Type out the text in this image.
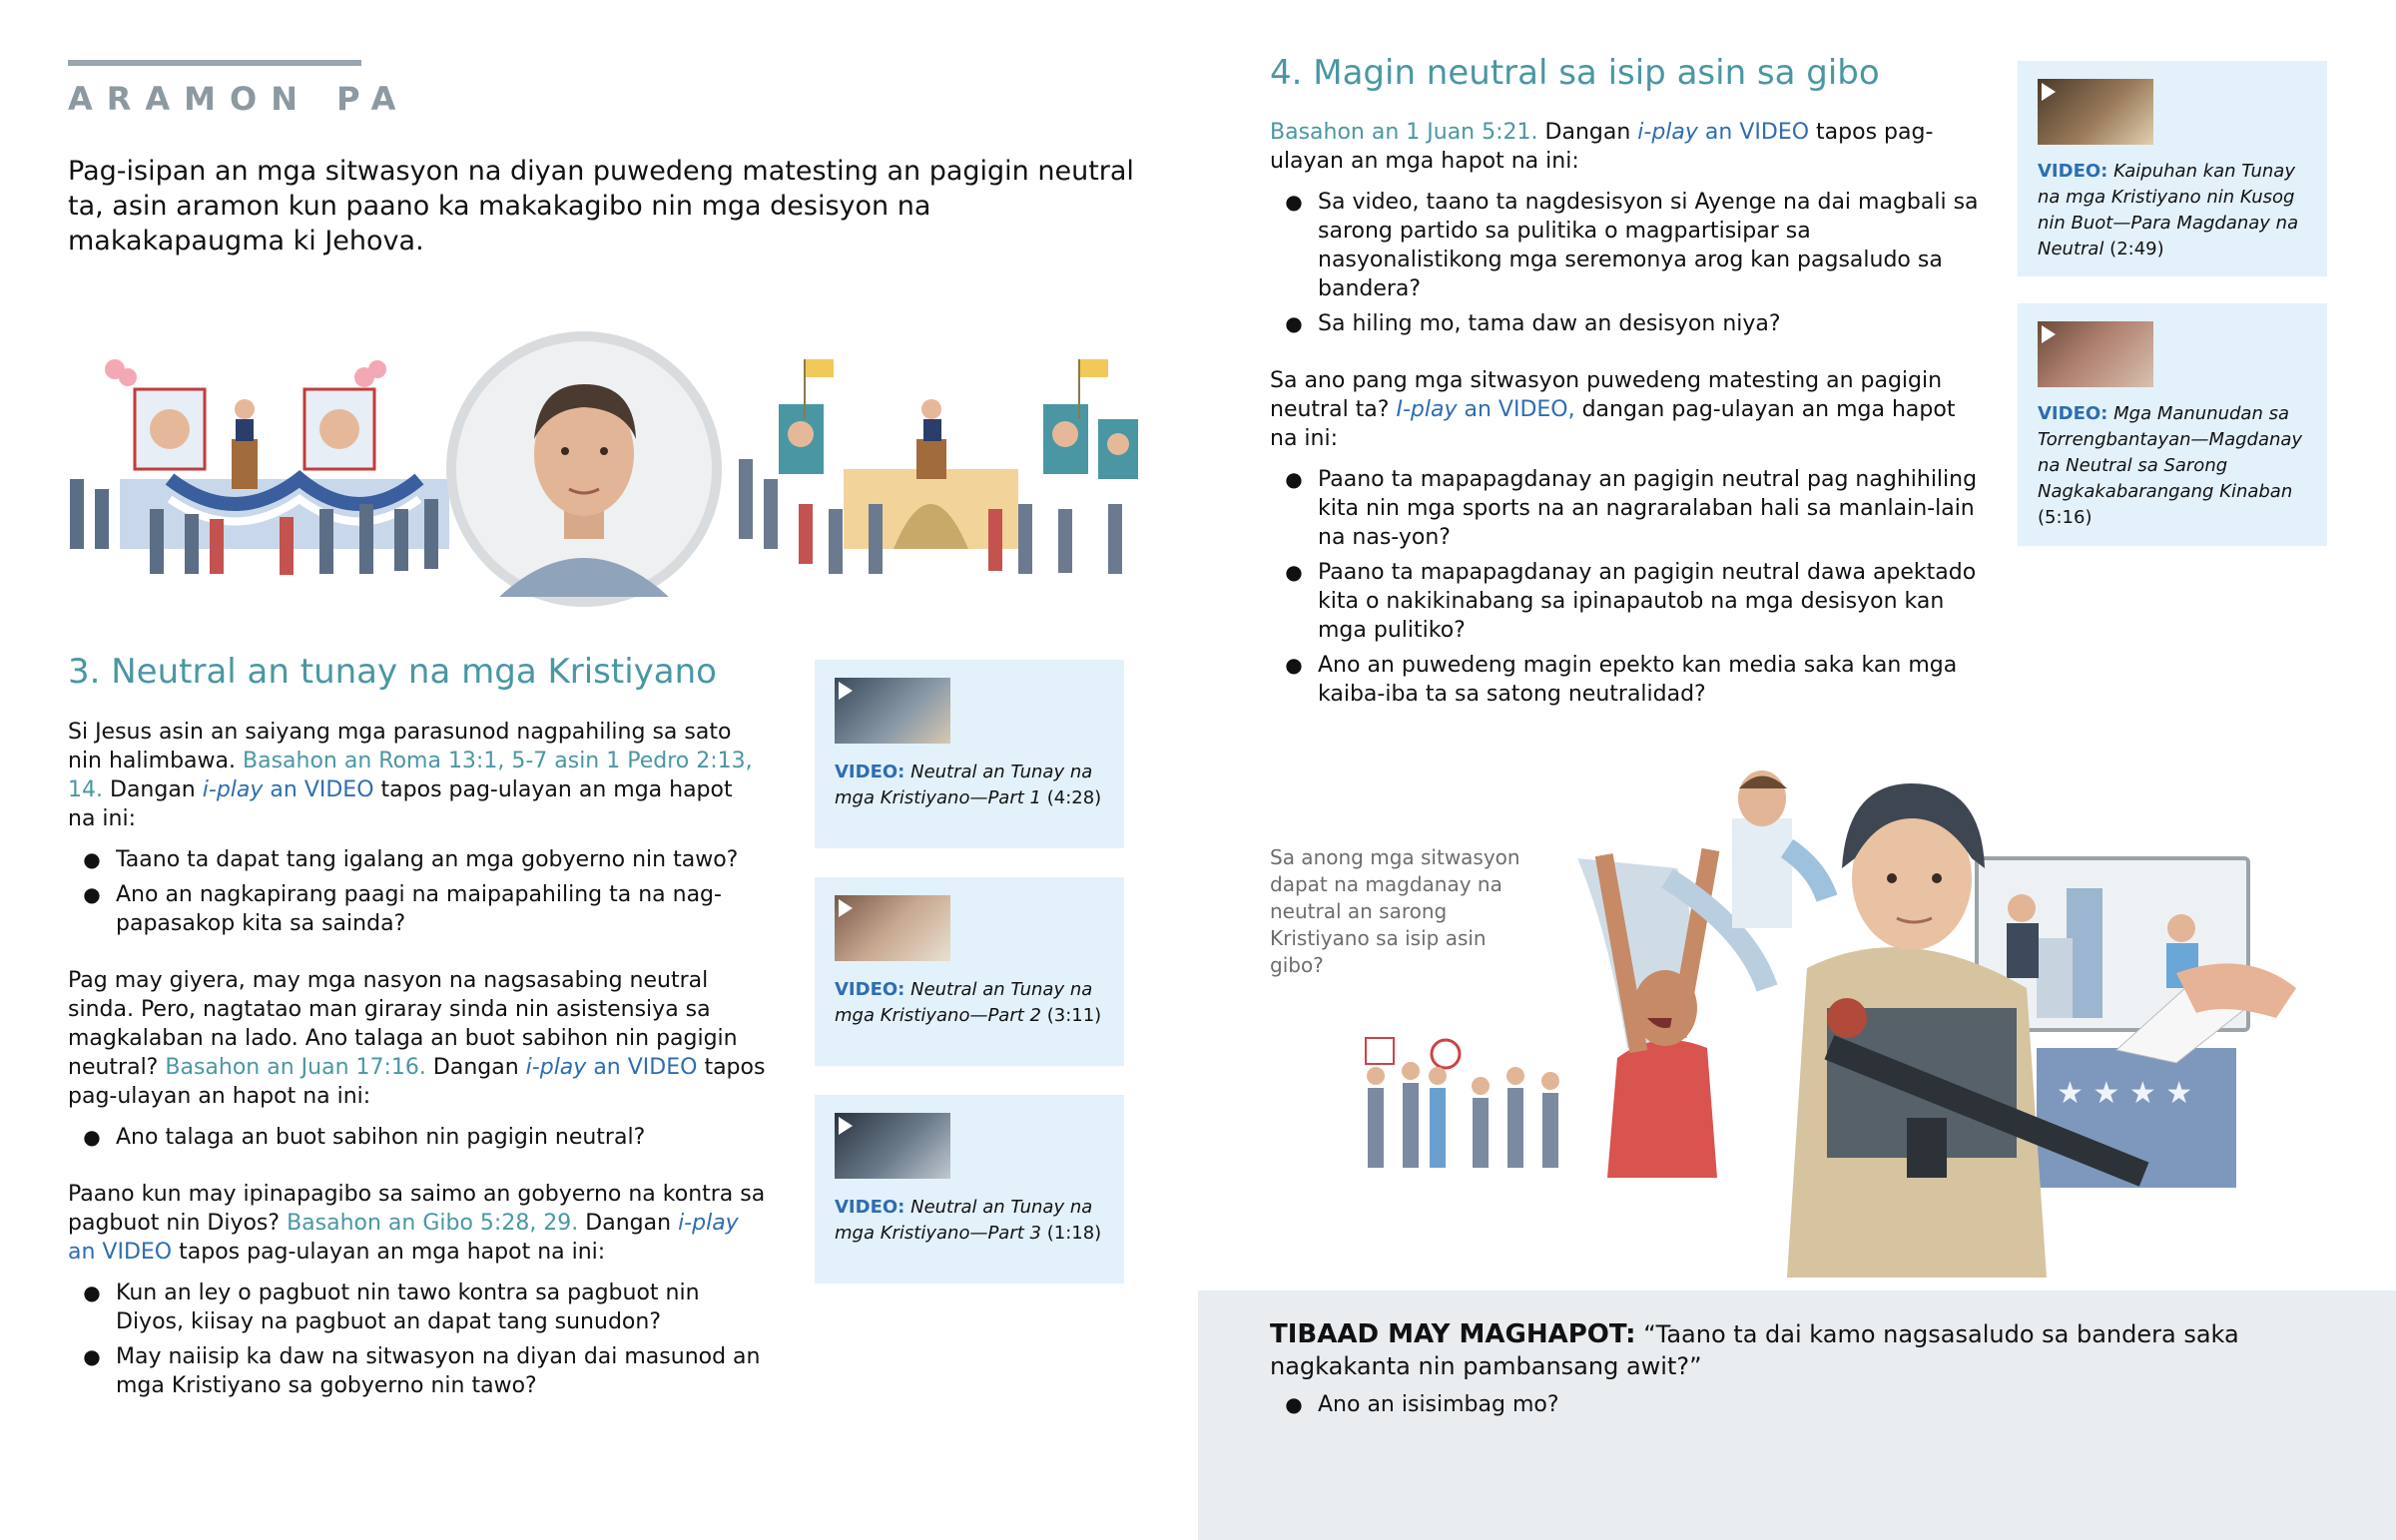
ARAMON PA
Pag-isipan an mga sitwasyon na diyan puwedeng matesting an pagigin neutral ta, asin aramon kun paano ka makakagibo nin mga desisyon na makakapaugma ki Jehova.
3. Neutral an tunay na mga Kristiyano
Si Jesus asin an saiyang mga parasunod nagpahiling sa sato nin halimbawa. Basahon an Roma 13:1, 5-7 asin 1 Pedro 2:13, 14. Dangan i-play an VIDEO tapos pag-ulayan an mga hapot na ini:
● Taano ta dapat tang igalang an mga gobyerno nin tawo?
● Ano an nagkapirang paagi na maipapahiling ta na nag-papasakop kita sa sainda?
Pag may giyera, may mga nasyon na nagsasabing neutral sinda. Pero, nagtatao man giraray sinda nin asistensiya sa magkalaban na lado. Ano talaga an buot sabihon nin pagigin neutral? Basahon an Juan 17:16. Dangan i-play an VIDEO tapos pag-ulayan an hapot na ini:
● Ano talaga an buot sabihon nin pagigin neutral?
Paano kun may ipinapagibo sa saimo an gobyerno na kontra sa pagbuot nin Diyos? Basahon an Gibo 5:28, 29. Dangan i-play an VIDEO tapos pag-ulayan an mga hapot na ini:
● Kun an ley o pagbuot nin tawo kontra sa pagbuot nin Diyos, kiisay na pagbuot an dapat tang sunudon?
● May naiisip ka daw na sitwasyon na diyan dai masunod an mga Kristiyano sa gobyerno nin tawo?
VIDEO: Neutral an Tunay na mga Kristiyano—Part 1 (4:28)
VIDEO: Neutral an Tunay na mga Kristiyano—Part 2 (3:11)
VIDEO: Neutral an Tunay na mga Kristiyano—Part 3 (1:18)
4. Magin neutral sa isip asin sa gibo
Basahon an 1 Juan 5:21. Dangan i-play an VIDEO tapos pag-ulayan an mga hapot na ini:
● Sa video, taano ta nagdesisyon si Ayenge na dai magbali sa sarong partido sa pulitika o magpartisipar sa nasyonalistikong mga seremonya arog kan pagsaludo sa bandera?
● Sa hiling mo, tama daw an desisyon niya?
Sa ano pang mga sitwasyon puwedeng matesting an pagigin neutral ta? I-play an VIDEO, dangan pag-ulayan an mga hapot na ini:
● Paano ta mapapagdanay an pagigin neutral pag naghihiling kita nin mga sports na an nagraralaban hali sa manlain-lain na nas-yon?
● Paano ta mapapagdanay an pagigin neutral dawa apektado kita o nakikinabang sa ipinapautob na mga desisyon kan mga pulitiko?
● Ano an puwedeng magin epekto kan media saka kan mga kaiba-iba ta sa satong neutralidad?
VIDEO: Kaipuhan kan Tunay na mga Kristiyano nin Kusog nin Buot—Para Magdanay na Neutral (2:49)
VIDEO: Mga Manunudan sa Torrengbantayan—Magdanay na Neutral sa Sarong Nagkakabarangang Kinaban (5:16)
Sa anong mga sitwasyon dapat na magdanay na neutral an sarong Kristiyano sa isip asin gibo?
★ ★ ★ ★
TIBAAD MAY MAGHAPOT: “Taano ta dai kamo nagsasaludo sa bandera saka nagkakanta nin pambansang awit?”
● Ano an isisimbag mo?
